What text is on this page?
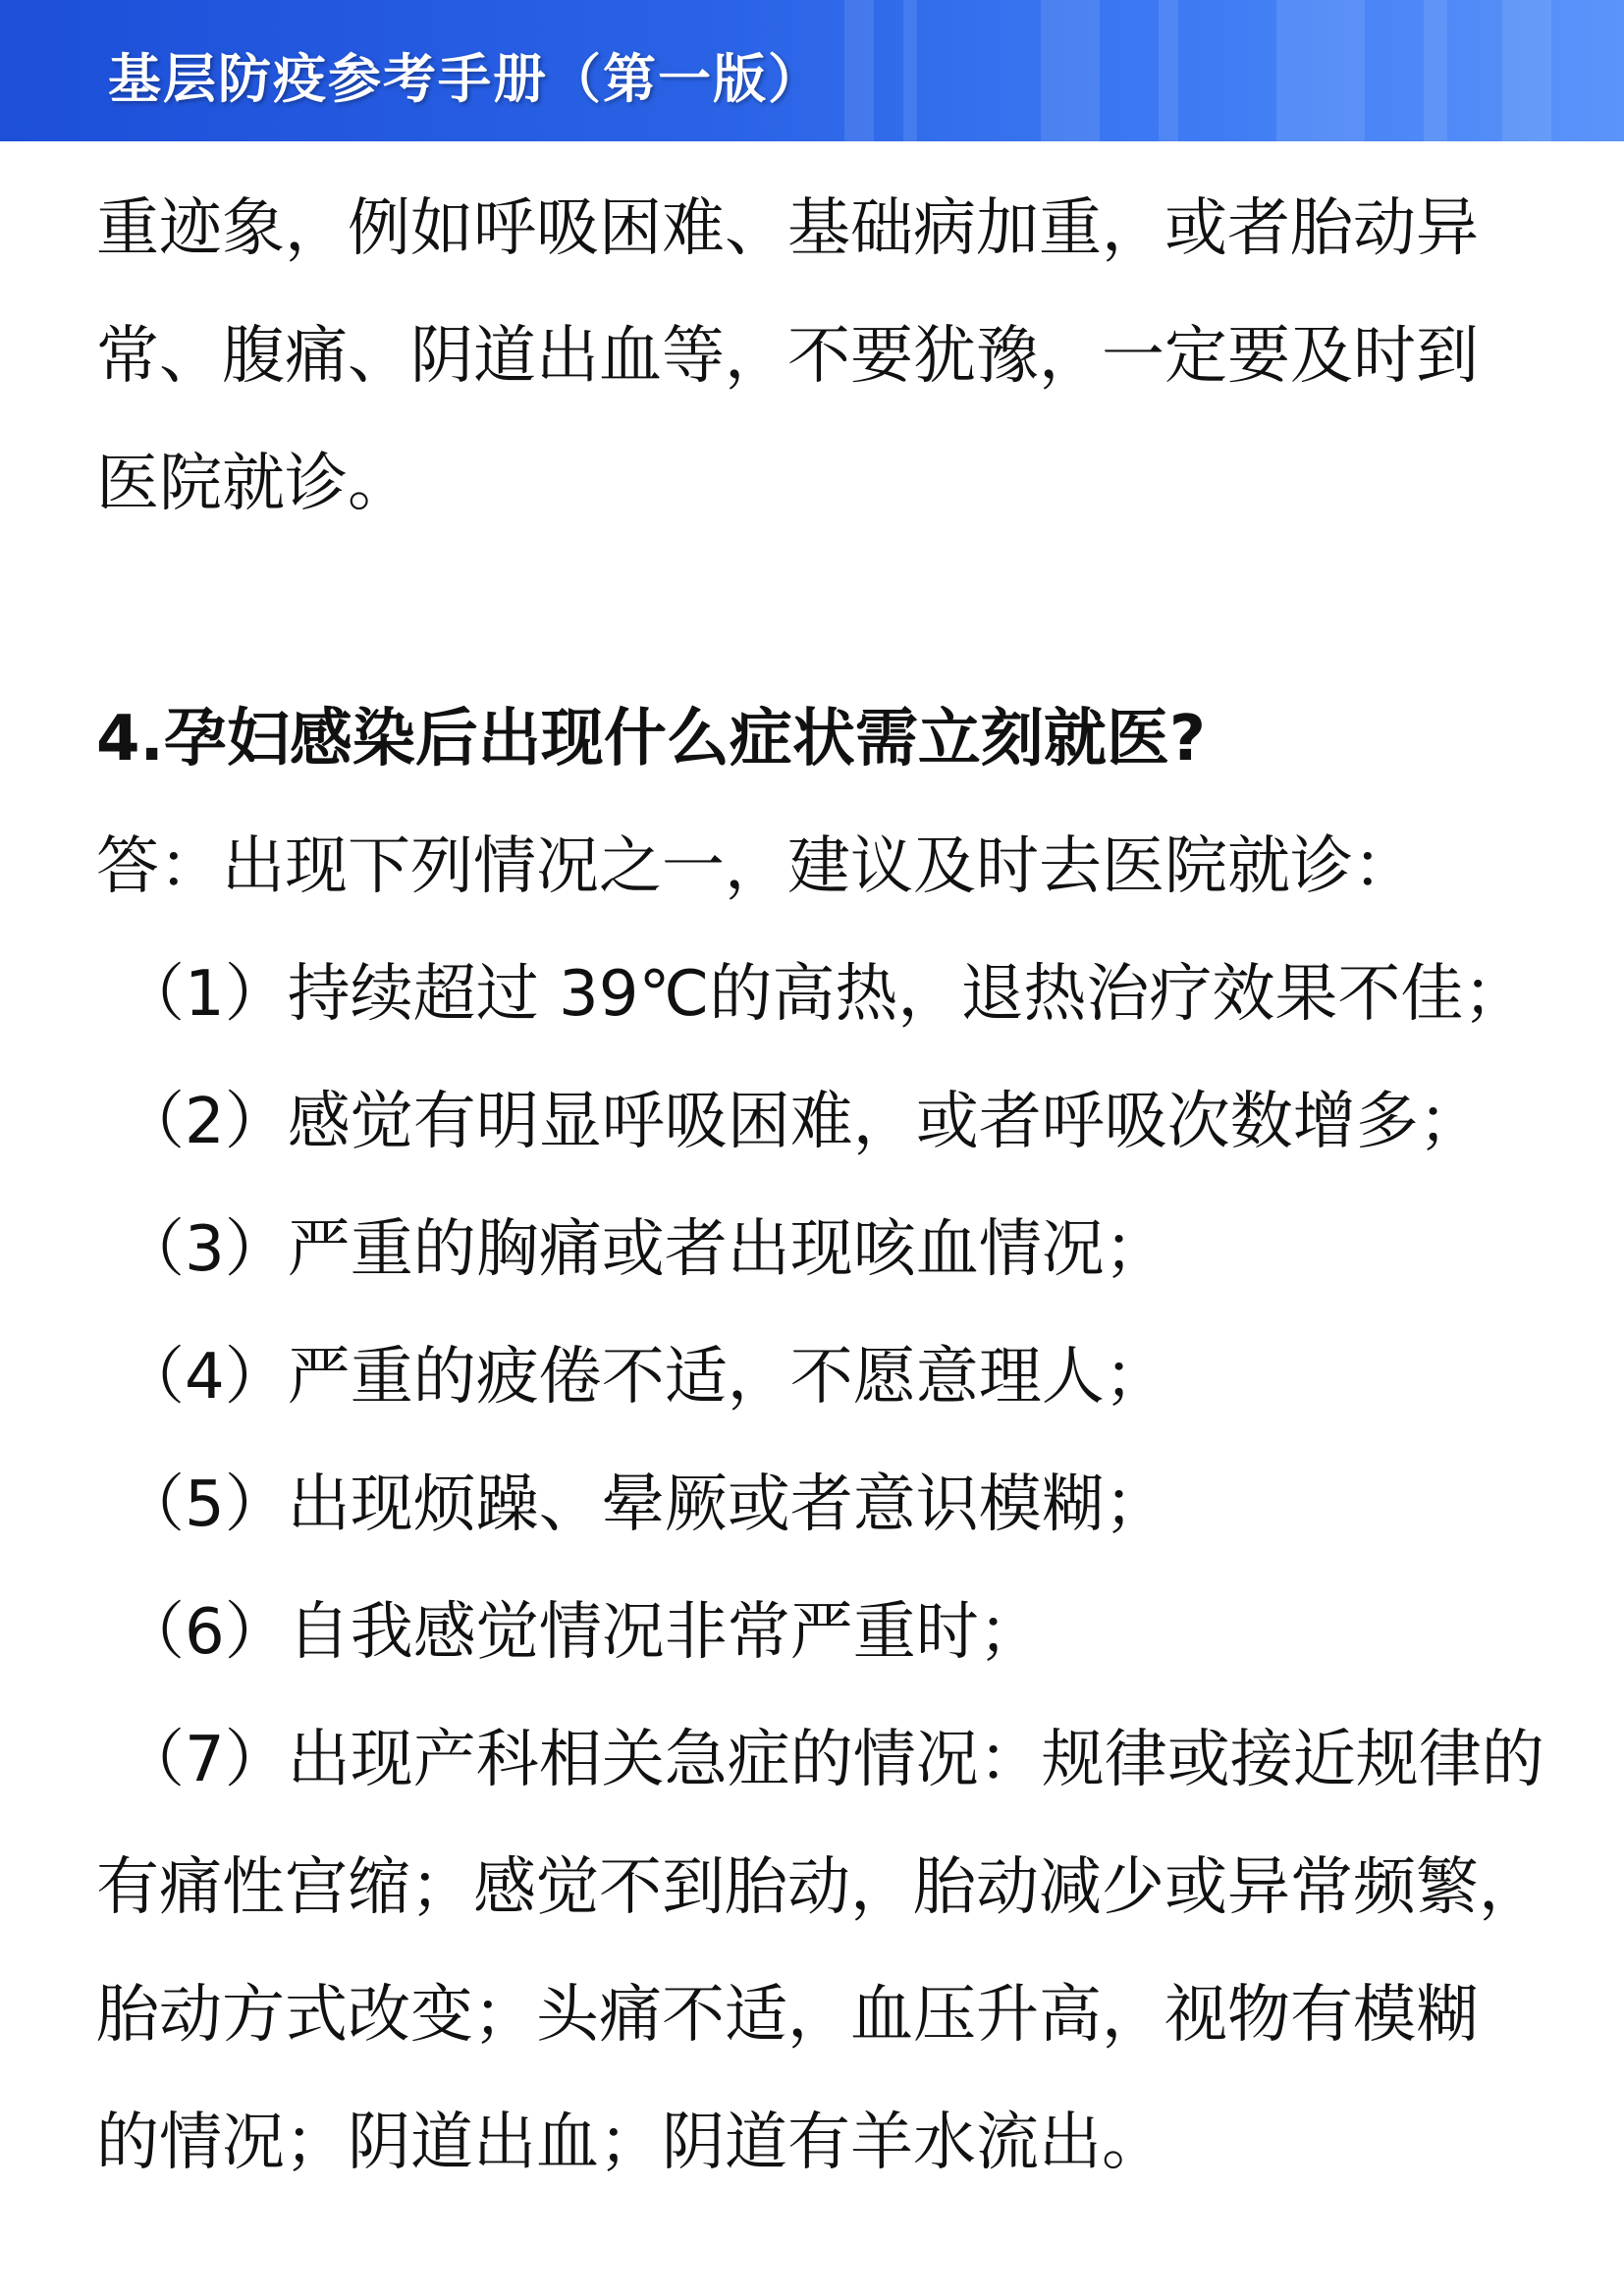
基层防疫参考手册（第一版）
重迹象，例如呼吸困难、基础病加重，或者胎动异
常、腹痛、阴道出血等，不要犹豫，一定要及时到
医院就诊。
4.孕妇感染后出现什么症状需立刻就医?
答：出现下列情况之一，建议及时去医院就诊：
（1）持续超过 39℃的高热，退热治疗效果不佳；
（2）感觉有明显呼吸困难，或者呼吸次数增多；
（3）严重的胸痛或者出现咳血情况；
（4）严重的疲倦不适，不愿意理人；
（5）出现烦躁、晕厥或者意识模糊；
（6）自我感觉情况非常严重时；
（7）出现产科相关急症的情况：规律或接近规律的
有痛性宫缩；感觉不到胎动，胎动减少或异常频繁，
胎动方式改变；头痛不适，血压升高，视物有模糊
的情况；阴道出血；阴道有羊水流出。
